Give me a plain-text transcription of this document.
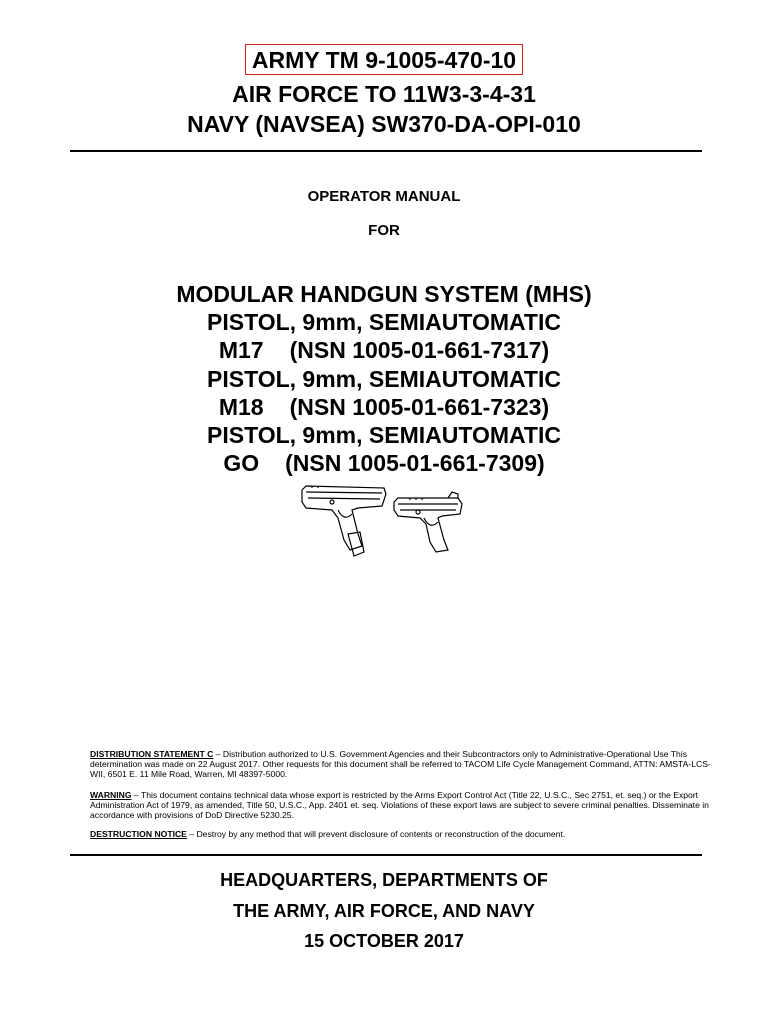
ARMY TM 9-1005-470-10
AIR FORCE TO 11W3-3-4-31
NAVY (NAVSEA) SW370-DA-OPI-010
OPERATOR MANUAL
FOR
MODULAR HANDGUN SYSTEM (MHS)
PISTOL, 9mm, SEMIAUTOMATIC
M17 (NSN 1005-01-661-7317)
PISTOL, 9mm, SEMIAUTOMATIC
M18 (NSN 1005-01-661-7323)
PISTOL, 9mm, SEMIAUTOMATIC
GO (NSN 1005-01-661-7309)
DISTRIBUTION STATEMENT C – Distribution authorized to U.S. Government Agencies and their Subcontractors only to Administrative-Operational Use This determination was made on 22 August 2017. Other requests for this document shall be referred to TACOM Life Cycle Management Command, ATTN: AMSTA-LCS-WII, 6501 E. 11 Mile Road, Warren, MI 48397-5000.
WARNING – This document contains technical data whose export is restricted by the Arms Export Control Act (Title 22, U.S.C., Sec 2751, et. seq.) or the Export Administration Act of 1979, as amended, Title 50, U.S.C., App. 2401 et. seq. Violations of these export laws are subject to severe criminal penalties. Disseminate in accordance with provisions of DoD Directive 5230.25.
DESTRUCTION NOTICE – Destroy by any method that will prevent disclosure of contents or reconstruction of the document.
HEADQUARTERS, DEPARTMENTS OF
THE ARMY, AIR FORCE, AND NAVY
15 OCTOBER 2017
